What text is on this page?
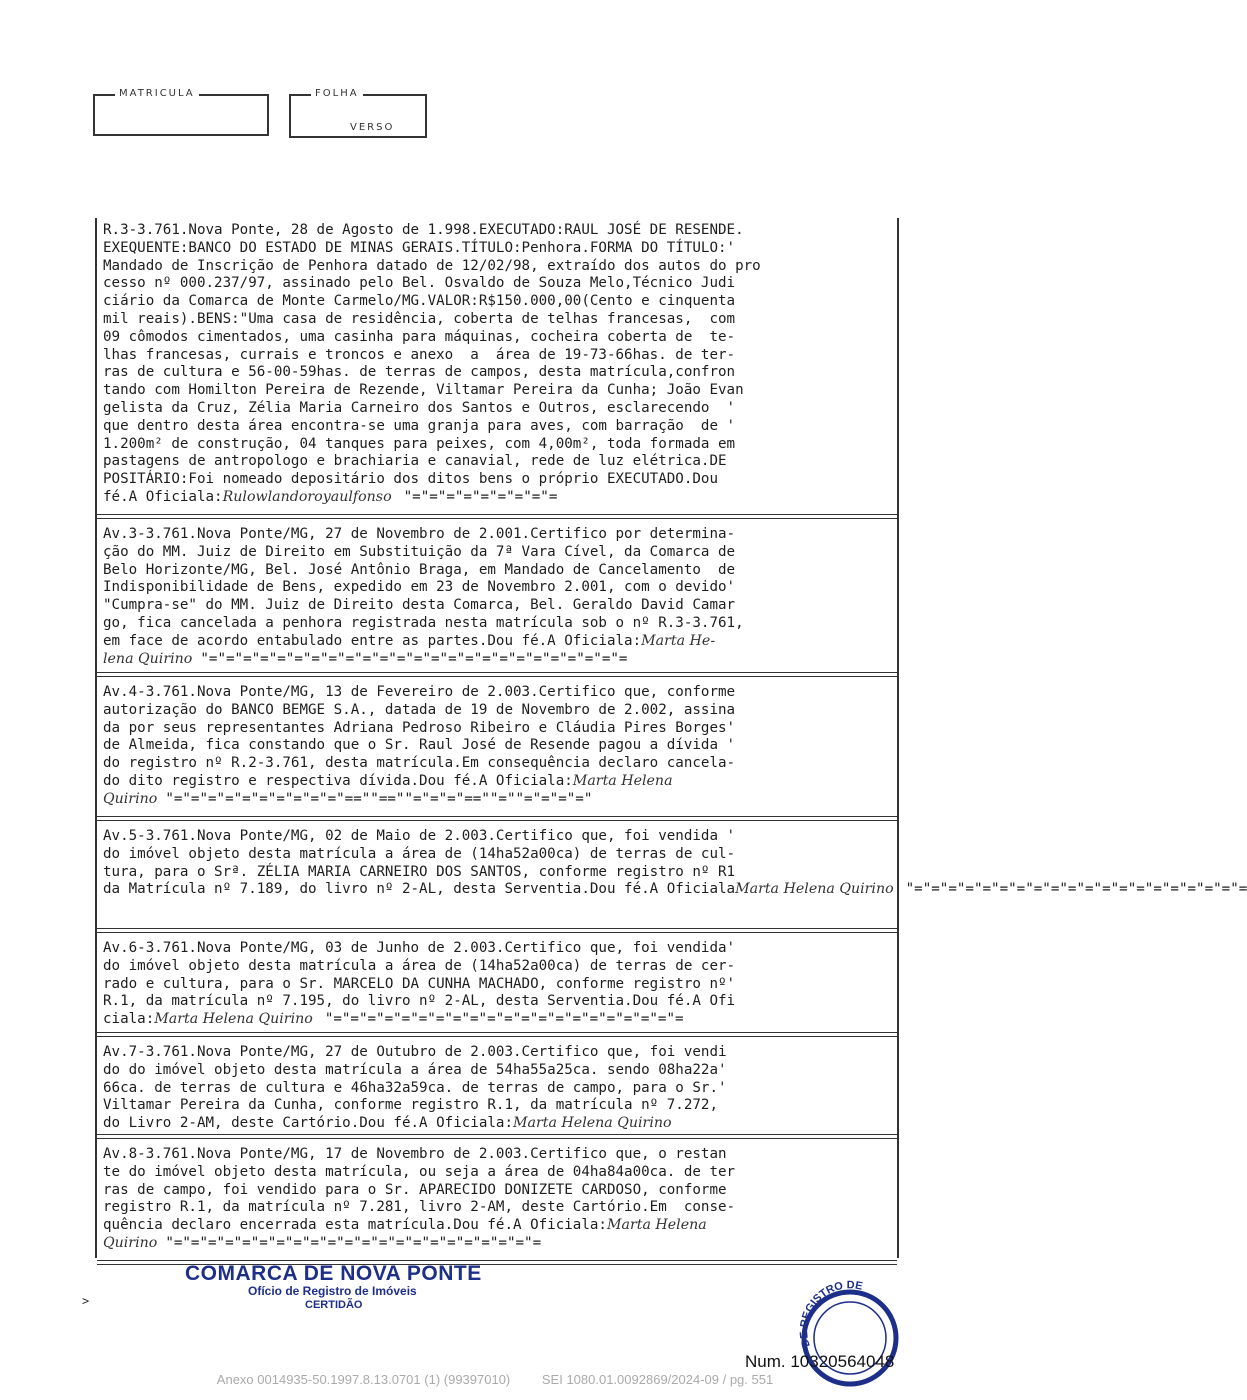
MATRICULA	FOLHA
VERSO
R.3-3.761.Nova Ponte, 28 de Agosto de 1.998.EXECUTADO:RAUL JOSÉ DE RESENDE.
EXEQUENTE:BANCO DO ESTADO DE MINAS GERAIS.TÍTULO:Penhora.FORMA DO TÍTULO:'
Mandado de Inscrição de Penhora datado de 12/02/98, extraído dos autos do pro
cesso nº 000.237/97, assinado pelo Bel. Osvaldo de Souza Melo,Técnico Judi
ciário da Comarca de Monte Carmelo/MG.VALOR:R$150.000,00(Cento e cinquenta
mil reais).BENS:"Uma casa de residência, coberta de telhas francesas,  com
09 cômodos cimentados, uma casinha para máquinas, cocheira coberta de  te-
lhas francesas, currais e troncos e anexo  a  área de 19-73-66has. de ter-
ras de cultura e 56-00-59has. de terras de campos, desta matrícula,confron
tando com Homilton Pereira de Rezende, Viltamar Pereira da Cunha; João Evan
gelista da Cruz, Zélia Maria Carneiro dos Santos e Outros, esclarecendo  '
que dentro desta área encontra-se uma granja para aves, com barração  de '
1.200m² de construção, 04 tanques para peixes, com 4,00m², toda formada em
pastagens de antropologo e brachiaria e canavial, rede de luz elétrica.DE
POSITÁRIO:Foi nomeado depositário dos ditos bens o próprio EXECUTADO.Dou
fé.A Oficiala:Rulowlandoroyaulfonso "="="="="="="="="=
Av.3-3.761.Nova Ponte/MG, 27 de Novembro de 2.001.Certifico por determina-
ção do MM. Juiz de Direito em Substituição da 7ª Vara Cível, da Comarca de
Belo Horizonte/MG, Bel. José Antônio Braga, em Mandado de Cancelamento  de
Indisponibilidade de Bens, expedido em 23 de Novembro 2.001, com o devido'
"Cumpra-se" do MM. Juiz de Direito desta Comarca, Bel. Geraldo David Camar
go, fica cancelada a penhora registrada nesta matrícula sob o nº R.3-3.761,
em face de acordo entabulado entre as partes.Dou fé.A Oficiala:Marta He-
lena Quirino "="="="="="="="="="="="="="="="="="="="="="="="="=
Av.4-3.761.Nova Ponte/MG, 13 de Fevereiro de 2.003.Certifico que, conforme
autorização do BANCO BEMGE S.A., datada de 19 de Novembro de 2.002, assina
da por seus representantes Adriana Pedroso Ribeiro e Cláudia Pires Borges'
de Almeida, fica constando que o Sr. Raul José de Resende pagou a dívida '
do registro nº R.2-3.761, desta matrícula.Em consequência declaro cancela-
do dito registro e respectiva dívida.Dou fé.A Oficiala:Marta Helena
Quirino "="="="="="="="="="="==""==""="="="==""=""="="="="
Av.5-3.761.Nova Ponte/MG, 02 de Maio de 2.003.Certifico que, foi vendida '
do imóvel objeto desta matrícula a área de (14ha52a00ca) de terras de cul-
tura, para o Srª. ZÉLIA MARIA CARNEIRO DOS SANTOS, conforme registro nº R1
da Matrícula nº 7.189, do livro nº 2-AL, desta Serventia.Dou fé.A OficialaMarta Helena Quirino "="="="="="="="="="="="="="="="="="="="=
Av.6-3.761.Nova Ponte/MG, 03 de Junho de 2.003.Certifico que, foi vendida'
do imóvel objeto desta matrícula a área de (14ha52a00ca) de terras de cer-
rado e cultura, para o Sr. MARCELO DA CUNHA MACHADO, conforme registro nº'
R.1, da matrícula nº 7.195, do livro nº 2-AL, desta Serventia.Dou fé.A Ofi
ciala:Marta Helena Quirino "="="="="="="="="="="="="="="="="="="="="=
Av.7-3.761.Nova Ponte/MG, 27 de Outubro de 2.003.Certifico que, foi vendi
do do imóvel objeto desta matrícula a área de 54ha55a25ca. sendo 08ha22a'
66ca. de terras de cultura e 46ha32a59ca. de terras de campo, para o Sr.'
Viltamar Pereira da Cunha, conforme registro R.1, da matrícula nº 7.272,
do Livro 2-AM, deste Cartório.Dou fé.A Oficiala:Marta Helena Quirino
Av.8-3.761.Nova Ponte/MG, 17 de Novembro de 2.003.Certifico que, o restan
te do imóvel objeto desta matrícula, ou seja a área de 04ha84a00ca. de ter
ras de campo, foi vendido para o Sr. APARECIDO DONIZETE CARDOSO, conforme
registro R.1, da matrícula nº 7.281, livro 2-AM, deste Cartório.Em  conse-
quência declaro encerrada esta matrícula.Dou fé.A Oficiala:Marta Helena
Quirino "="="="="="="="="="="="="="="="="="="="="="=
COMARCA DE NOVA PONTE
Ofício de Registro de Imóveis
CERTIDÃO
DE REGISTRO DE
>
Num. 10320564048
Anexo 0014935-50.1997.8.13.0701 (1) (99397010) SEI 1080.01.0092869/2024-09 / pg. 551
